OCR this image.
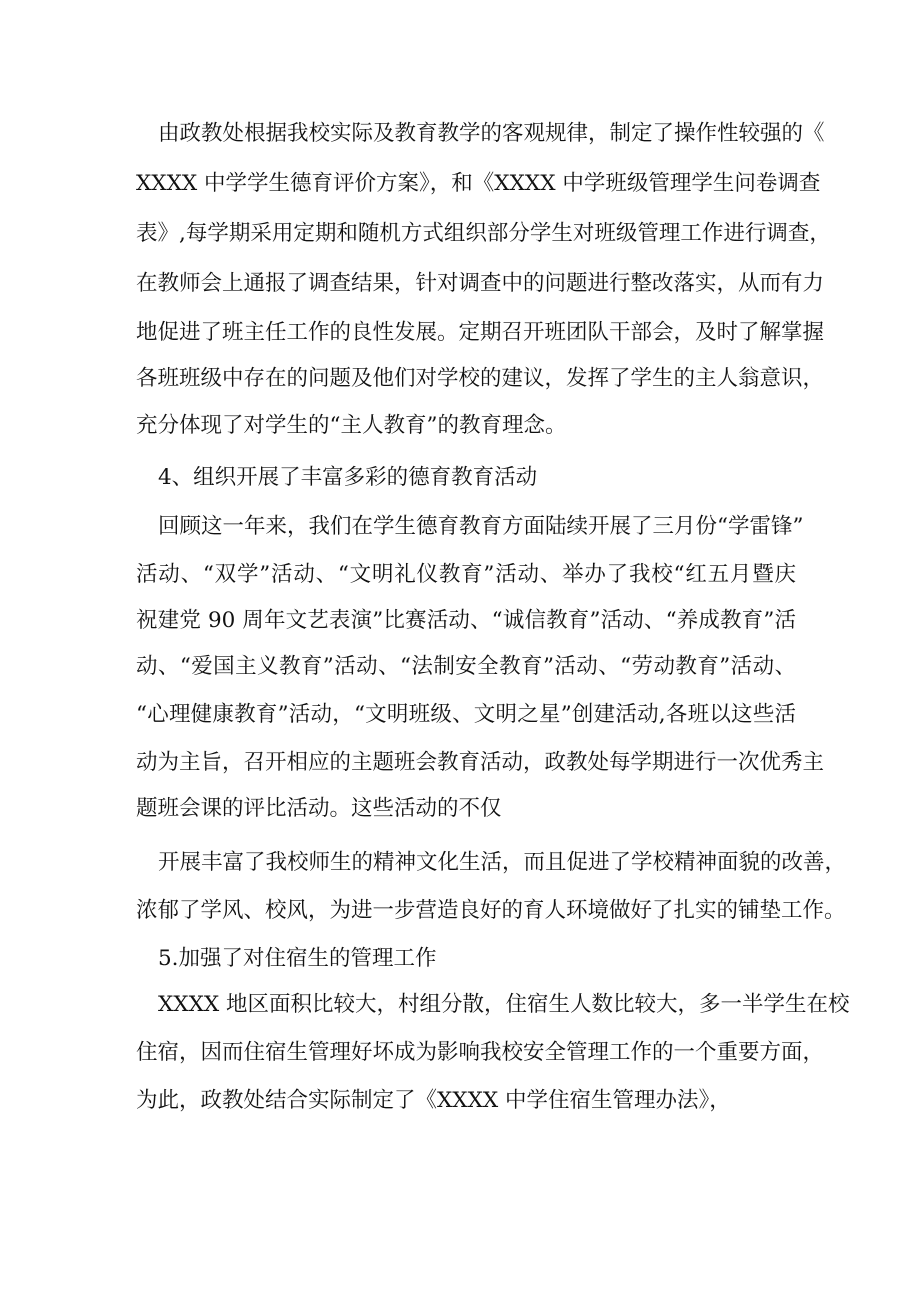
由政教处根据我校实际及教育教学的客观规律，制定了操作性较强的《
XXXX 中学学生德育评价方案》，和《XXXX 中学班级管理学生问卷调查
表》,每学期采用定期和随机方式组织部分学生对班级管理工作进行调查，
在教师会上通报了调查结果，针对调查中的问题进行整改落实，从而有力
地促进了班主任工作的良性发展。定期召开班团队干部会，及时了解掌握
各班班级中存在的问题及他们对学校的建议，发挥了学生的主人翁意识，
充分体现了对学生的“主人教育”的教育理念。
4、组织开展了丰富多彩的德育教育活动
回顾这一年来，我们在学生德育教育方面陆续开展了三月份“学雷锋”
活动、“双学”活动、“文明礼仪教育”活动、举办了我校“红五月暨庆
祝建党 90 周年文艺表演”比赛活动、“诚信教育”活动、“养成教育”活
动、“爱国主义教育”活动、“法制安全教育”活动、“劳动教育”活动、
“心理健康教育”活动，“文明班级、文明之星”创建活动,各班以这些活
动为主旨，召开相应的主题班会教育活动，政教处每学期进行一次优秀主
题班会课的评比活动。这些活动的不仅
开展丰富了我校师生的精神文化生活，而且促进了学校精神面貌的改善，
浓郁了学风、校风，为进一步营造良好的育人环境做好了扎实的铺垫工作。
5.加强了对住宿生的管理工作
XXXX 地区面积比较大，村组分散，住宿生人数比较大，多一半学生在校
住宿，因而住宿生管理好坏成为影响我校安全管理工作的一个重要方面，
为此，政教处结合实际制定了《XXXX 中学住宿生管理办法》，
